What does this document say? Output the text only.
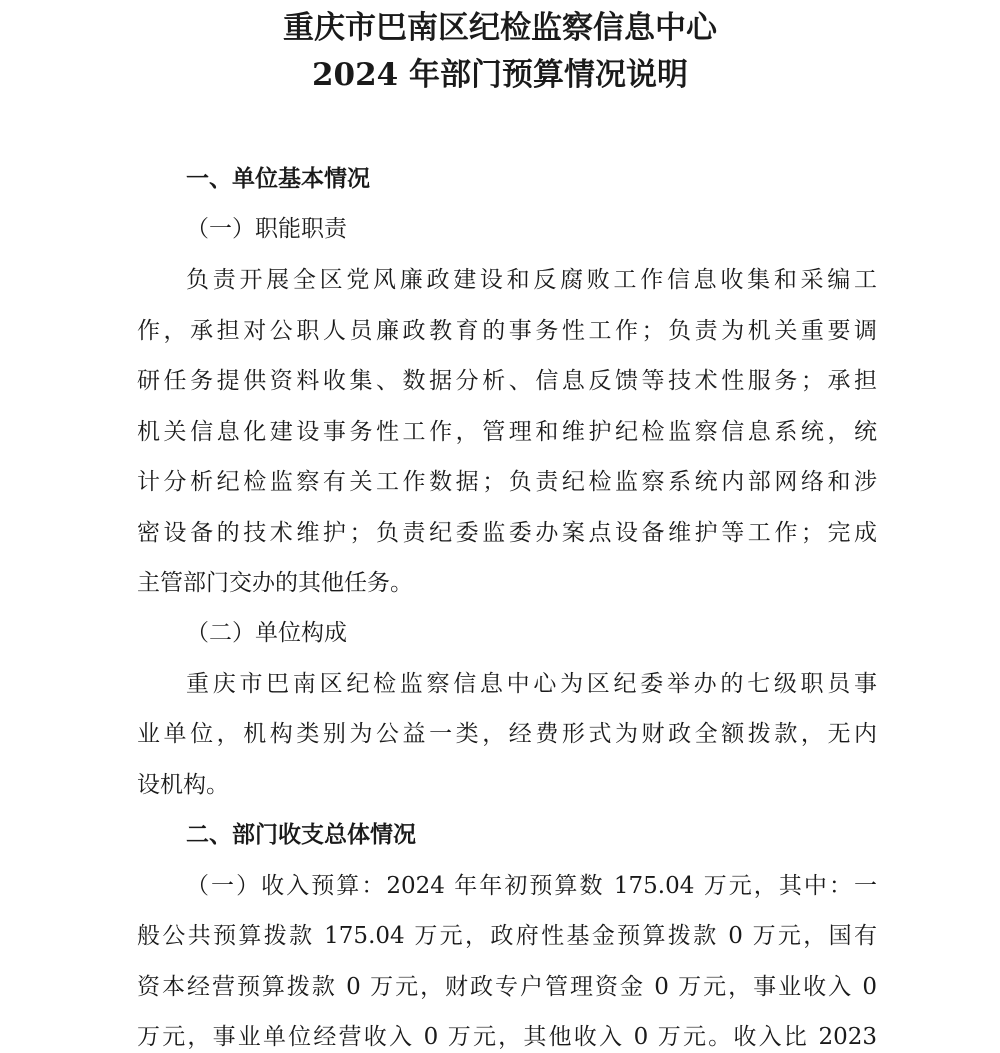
重庆市巴南区纪检监察信息中心
2024 年部门预算情况说明
一、单位基本情况
（一）职能职责
负责开展全区党风廉政建设和反腐败工作信息收集和采编工
作，承担对公职人员廉政教育的事务性工作；负责为机关重要调
研任务提供资料收集、数据分析、信息反馈等技术性服务；承担
机关信息化建设事务性工作，管理和维护纪检监察信息系统，统
计分析纪检监察有关工作数据；负责纪检监察系统内部网络和涉
密设备的技术维护；负责纪委监委办案点设备维护等工作；完成
主管部门交办的其他任务。
（二）单位构成
重庆市巴南区纪检监察信息中心为区纪委举办的七级职员事
业单位，机构类别为公益一类，经费形式为财政全额拨款，无内
设机构。
二、部门收支总体情况
（一）收入预算：2024 年年初预算数 175.04 万元，其中：一
般公共预算拨款 175.04 万元，政府性基金预算拨款 0 万元，国有
资本经营预算拨款 0 万元，财政专户管理资金 0 万元，事业收入 0
万元，事业单位经营收入 0 万元，其他收入 0 万元。收入比 2023
